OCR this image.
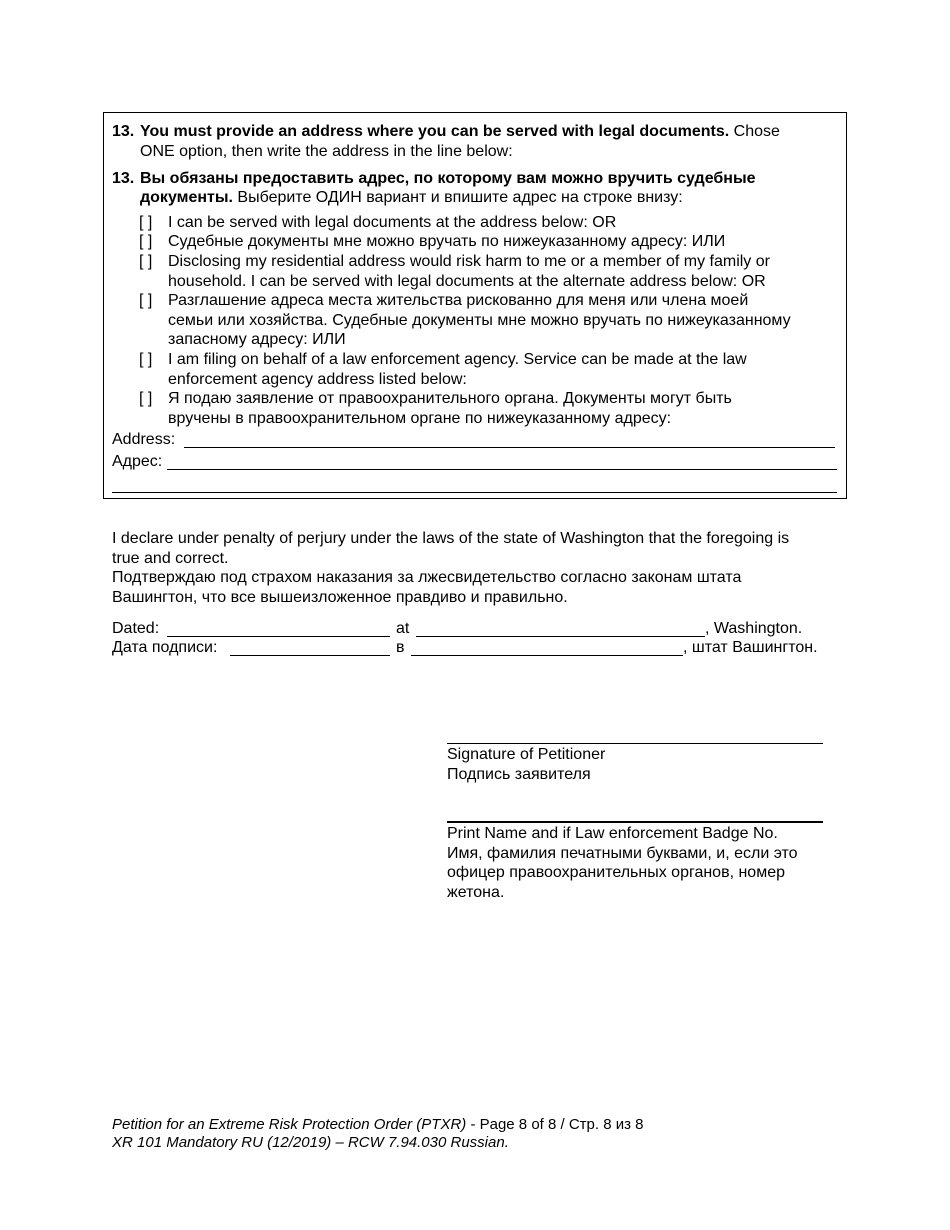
13. You must provide an address where you can be served with legal documents. Chose
ONE option, then write the address in the line below:
13. Вы обязаны предоставить адрес, по которому вам можно вручить судебные
документы. Выберите ОДИН вариант и впишите адрес на строке внизу:
[ ] I can be served with legal documents at the address below: OR
[ ] Судебные документы мне можно вручать по нижеуказанному адресу: ИЛИ
[ ] Disclosing my residential address would risk harm to me or a member of my family or
household. I can be served with legal documents at the alternate address below: OR
[ ] Разглашение адреса места жительства рискованно для меня или члена моей
семьи или хозяйства. Судебные документы мне можно вручать по нижеуказанному
запасному адресу: ИЛИ
[ ] I am filing on behalf of a law enforcement agency. Service can be made at the law
enforcement agency address listed below:
[ ] Я подаю заявление от правоохранительного органа. Документы могут быть
вручены в правоохранительном органе по нижеуказанному адресу:
Address:
Адрес:
I declare under penalty of perjury under the laws of the state of Washington that the foregoing is
true and correct.
Подтверждаю под страхом наказания за лжесвидетельство согласно законам штата
Вашингтон, что все вышеизложенное правдиво и правильно.
Dated:	at	, Washington.
Дата подписи:	в	, штат Вашингтон.
Signature of Petitioner
Подпись заявителя
Print Name and if Law enforcement Badge No.
Имя, фамилия печатными буквами, и, если это
офицер правоохранительных органов, номер
жетона.
Petition for an Extreme Risk Protection Order (PTXR) - Page 8 of 8 / Стр. 8 из 8
XR 101 Mandatory RU (12/2019) – RCW 7.94.030 Russian.
